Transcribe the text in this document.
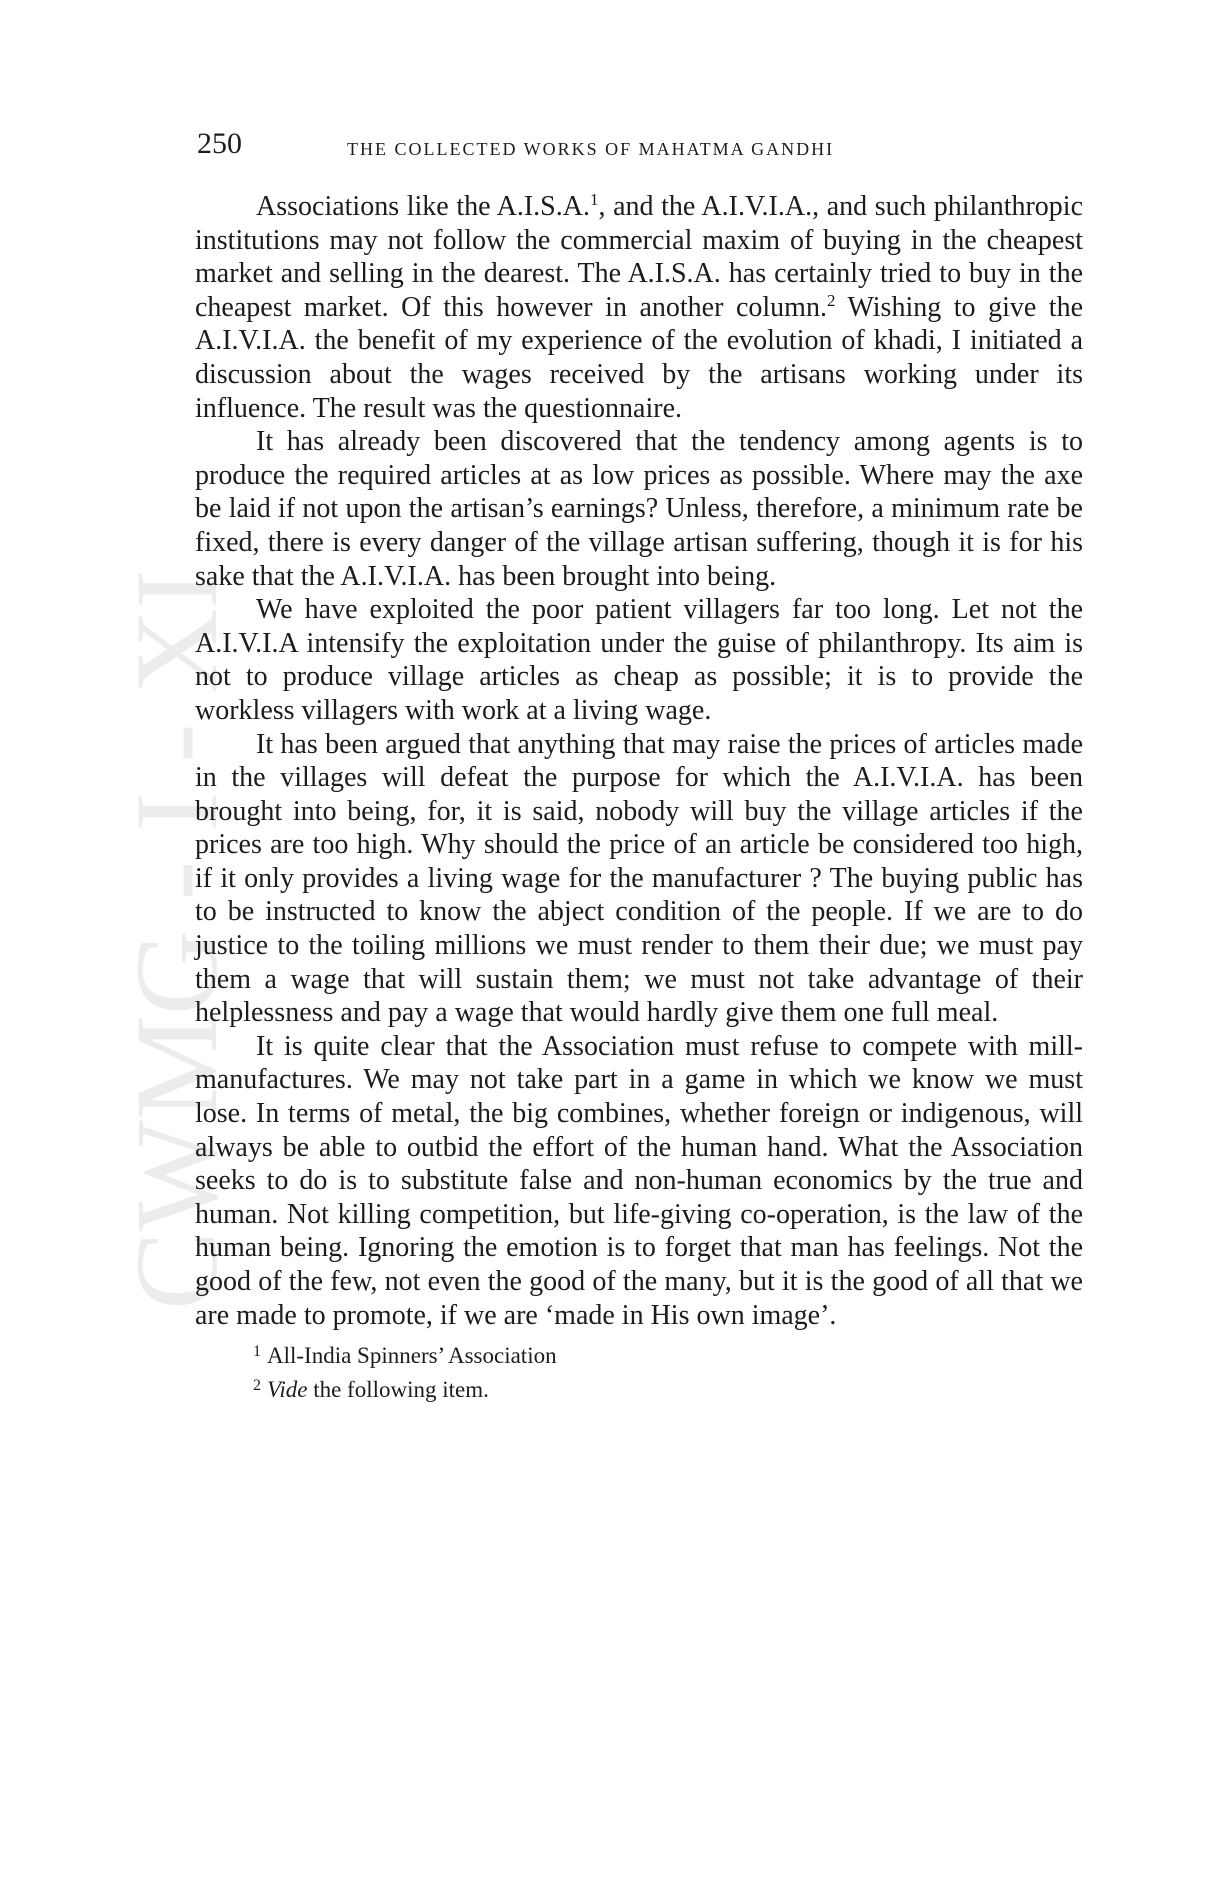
CWMG - I - XI
250	THE COLLECTED WORKS OF MAHATMA GANDHI

Associations like the A.I.S.A.$^1$, and the A.I.V.I.A., and such philanthropic institutions may not follow the commercial maxim of buying in the cheapest market and selling in the dearest. The A.I.S.A. has certainly tried to buy in the cheapest market. Of this however in another column.$^2$ Wishing to give the A.I.V.I.A. the benefit of my experience of the evolution of khadi, I initiated a discussion about the wages received by the artisans working under its influence. The result was the questionnaire.

It has already been discovered that the tendency among agents is to produce the required articles at as low prices as possible. Where may the axe be laid if not upon the artisan’s earnings? Unless, therefore, a minimum rate be fixed, there is every danger of the village artisan suffering, though it is for his sake that the A.I.V.I.A. has been brought into being.

We have exploited the poor patient villagers far too long. Let not the A.I.V.I.A intensify the exploitation under the guise of philanthropy. Its aim is not to produce village articles as cheap as possible; it is to provide the workless villagers with work at a living wage.

It has been argued that anything that may raise the prices of articles made in the villages will defeat the purpose for which the A.I.V.I.A. has been brought into being, for, it is said, nobody will buy the village articles if the prices are too high. Why should the price of an article be considered too high, if it only provides a living wage for the manufacturer ? The buying public has to be instructed to know the abject condition of the people. If we are to do justice to the toiling millions we must render to them their due; we must pay them a wage that will sustain them; we must not take advantage of their helplessness and pay a wage that would hardly give them one full meal.

It is quite clear that the Association must refuse to compete with mill-manufactures. We may not take part in a game in which we know we must lose. In terms of metal, the big combines, whether foreign or indigenous, will always be able to outbid the effort of the human hand. What the Association seeks to do is to substitute false and non-human economics by the true and human. Not killing competition, but life-giving co-operation, is the law of the human being. Ignoring the emotion is to forget that man has feelings. Not the good of the few, not even the good of the many, but it is the good of all that we are made to promote, if we are ‘made in His own image’.

$^1$ All-India Spinners’ Association
$^2$ Vide the following item.
